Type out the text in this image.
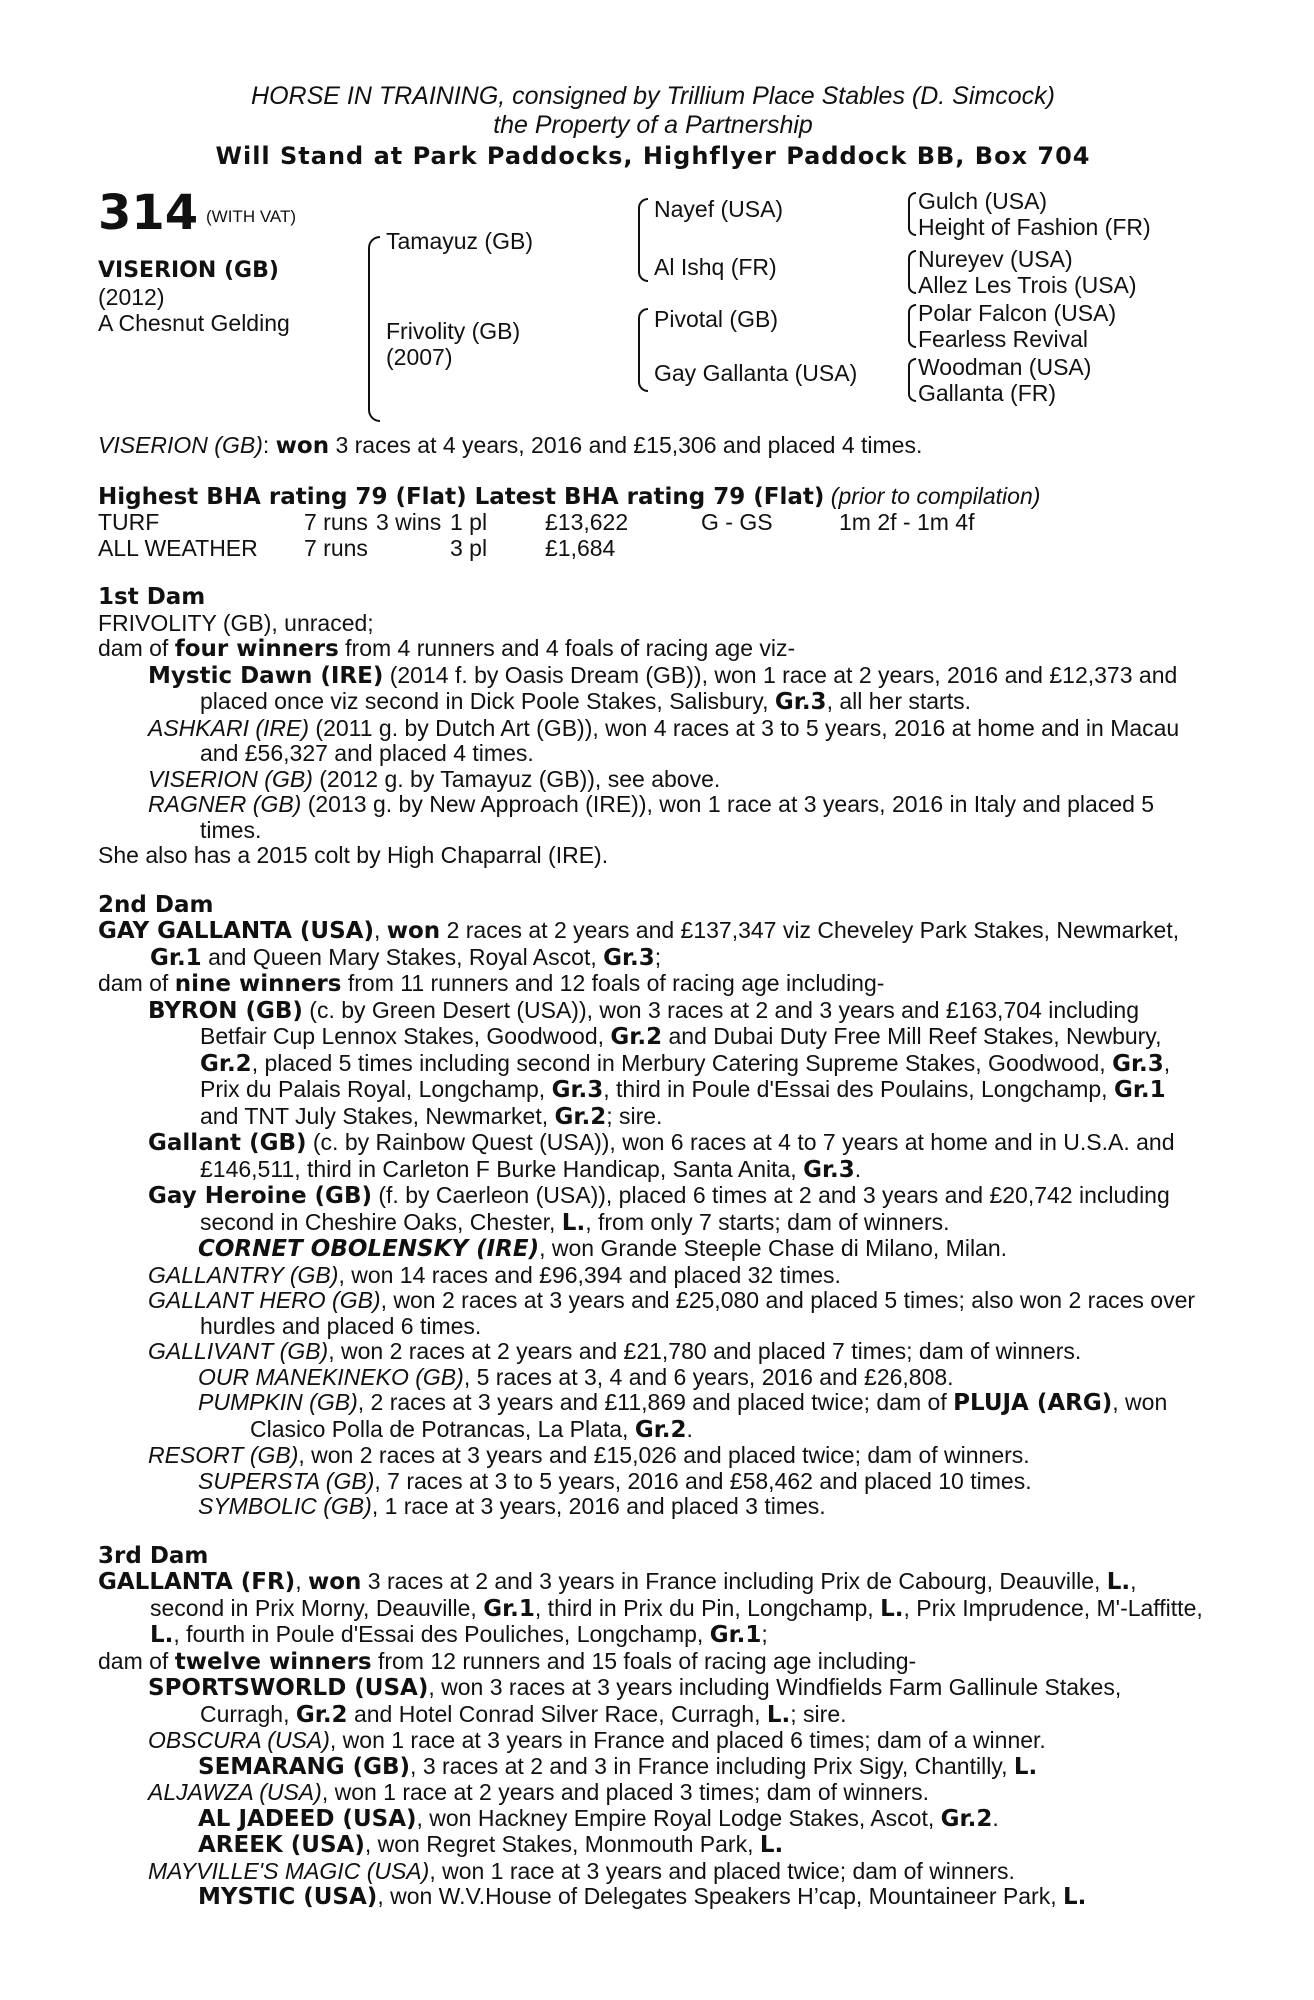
HORSE IN TRAINING, consigned by Trillium Place Stables (D. Simcock)
the Property of a Partnership
Will Stand at Park Paddocks, Highflyer Paddock BB, Box 704
314 (WITH VAT)
VISERION (GB)
(2012)
A Chesnut Gelding
Tamayuz (GB)
Frivolity (GB)
(2007)
Nayef (USA)
Al Ishq (FR)
Pivotal (GB)
Gay Gallanta (USA)
Gulch (USA)
Height of Fashion (FR)
Nureyev (USA)
Allez Les Trois (USA)
Polar Falcon (USA)
Fearless Revival
Woodman (USA)
Gallanta (FR)

VISERION (GB): won 3 races at 4 years, 2016 and £15,306 and placed 4 times.

Highest BHA rating 79 (Flat) Latest BHA rating 79 (Flat) (prior to compilation)

TURF	7 runs 3 wins 1 pl	£13,622	G - GS	1m 2f - 1m 4f
ALL WEATHER	7 runs	3 pl	£1,684

1st Dam

FRIVOLITY (GB), unraced;

dam of four winners from 4 runners and 4 foals of racing age viz-

Mystic Dawn (IRE) (2014 f. by Oasis Dream (GB)), won 1 race at 2 years, 2016 and £12,373 and placed once viz second in Dick Poole Stakes, Salisbury, Gr.3, all her starts.

ASHKARI (IRE) (2011 g. by Dutch Art (GB)), won 4 races at 3 to 5 years, 2016 at home and in Macau and £56,327 and placed 4 times.

VISERION (GB) (2012 g. by Tamayuz (GB)), see above.

RAGNER (GB) (2013 g. by New Approach (IRE)), won 1 race at 3 years, 2016 in Italy and placed 5 times.

She also has a 2015 colt by High Chaparral (IRE).

2nd Dam

GAY GALLANTA (USA), won 2 races at 2 years and £137,347 viz Cheveley Park Stakes, Newmarket, Gr.1 and Queen Mary Stakes, Royal Ascot, Gr.3;

dam of nine winners from 11 runners and 12 foals of racing age including-

BYRON (GB) (c. by Green Desert (USA)), won 3 races at 2 and 3 years and £163,704 including Betfair Cup Lennox Stakes, Goodwood, Gr.2 and Dubai Duty Free Mill Reef Stakes, Newbury, Gr.2, placed 5 times including second in Merbury Catering Supreme Stakes, Goodwood, Gr.3, Prix du Palais Royal, Longchamp, Gr.3, third in Poule d'Essai des Poulains, Longchamp, Gr.1 and TNT July Stakes, Newmarket, Gr.2; sire.

Gallant (GB) (c. by Rainbow Quest (USA)), won 6 races at 4 to 7 years at home and in U.S.A. and £146,511, third in Carleton F Burke Handicap, Santa Anita, Gr.3.

Gay Heroine (GB) (f. by Caerleon (USA)), placed 6 times at 2 and 3 years and £20,742 including second in Cheshire Oaks, Chester, L., from only 7 starts; dam of winners.

CORNET OBOLENSKY (IRE), won Grande Steeple Chase di Milano, Milan.

GALLANTRY (GB), won 14 races and £96,394 and placed 32 times.

GALLANT HERO (GB), won 2 races at 3 years and £25,080 and placed 5 times; also won 2 races over hurdles and placed 6 times.

GALLIVANT (GB), won 2 races at 2 years and £21,780 and placed 7 times; dam of winners.

OUR MANEKINEKO (GB), 5 races at 3, 4 and 6 years, 2016 and £26,808.

PUMPKIN (GB), 2 races at 3 years and £11,869 and placed twice; dam of PLUJA (ARG), won Clasico Polla de Potrancas, La Plata, Gr.2.

RESORT (GB), won 2 races at 3 years and £15,026 and placed twice; dam of winners.

SUPERSTA (GB), 7 races at 3 to 5 years, 2016 and £58,462 and placed 10 times.

SYMBOLIC (GB), 1 race at 3 years, 2016 and placed 3 times.

3rd Dam

GALLANTA (FR), won 3 races at 2 and 3 years in France including Prix de Cabourg, Deauville, L., second in Prix Morny, Deauville, Gr.1, third in Prix du Pin, Longchamp, L., Prix Imprudence, M'-Laffitte, L., fourth in Poule d'Essai des Pouliches, Longchamp, Gr.1;

dam of twelve winners from 12 runners and 15 foals of racing age including-

SPORTSWORLD (USA), won 3 races at 3 years including Windfields Farm Gallinule Stakes, Curragh, Gr.2 and Hotel Conrad Silver Race, Curragh, L.; sire.

OBSCURA (USA), won 1 race at 3 years in France and placed 6 times; dam of a winner.

SEMARANG (GB), 3 races at 2 and 3 in France including Prix Sigy, Chantilly, L.

ALJAWZA (USA), won 1 race at 2 years and placed 3 times; dam of winners.

AL JADEED (USA), won Hackney Empire Royal Lodge Stakes, Ascot, Gr.2.

AREEK (USA), won Regret Stakes, Monmouth Park, L.

MAYVILLE'S MAGIC (USA), won 1 race at 3 years and placed twice; dam of winners.

MYSTIC (USA), won W.V.House of Delegates Speakers H’cap, Mountaineer Park, L.
